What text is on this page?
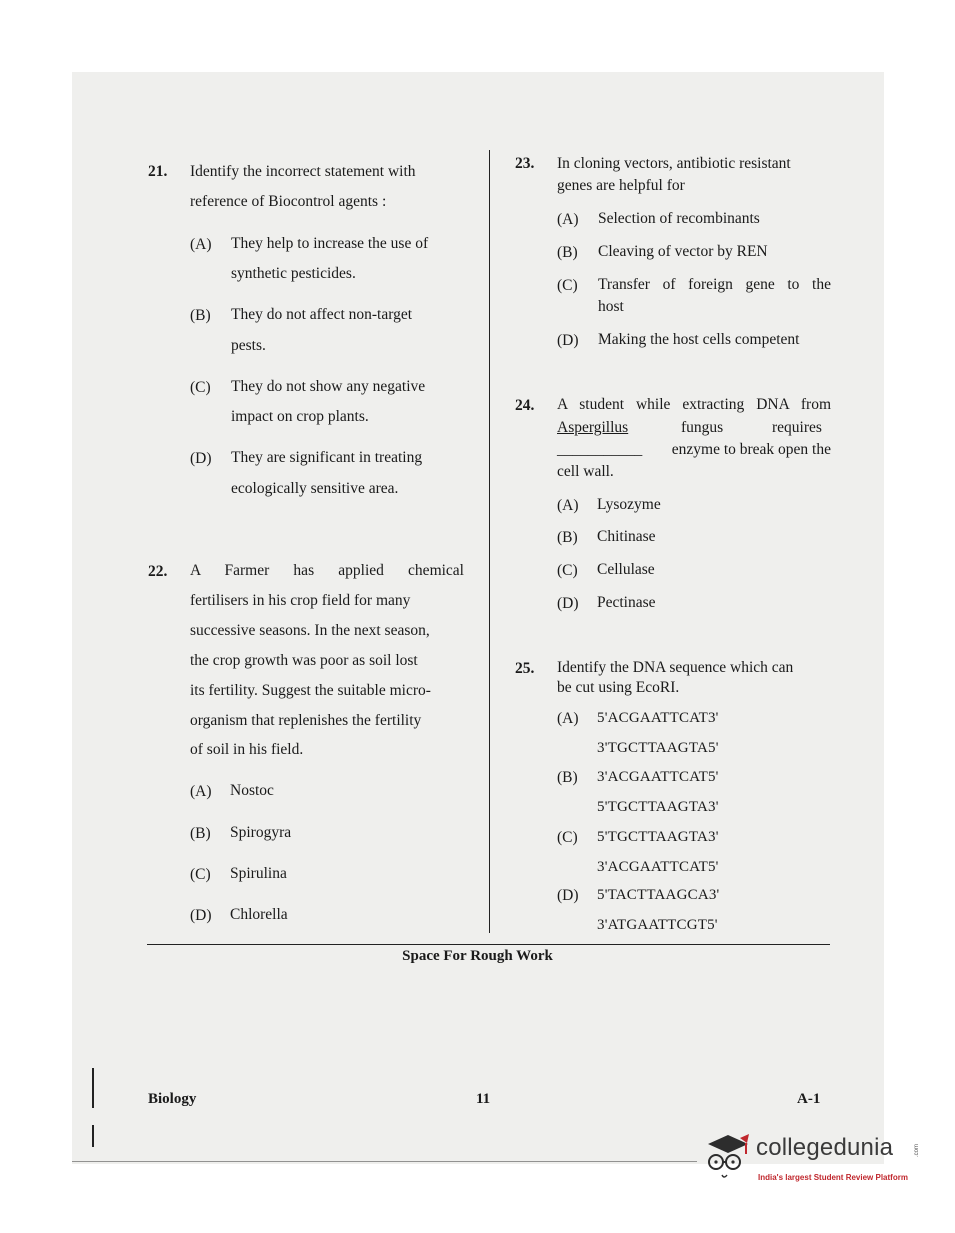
21. Identify the incorrect statement with
reference of Biocontrol agents :
(A) They help to increase the use of
synthetic pesticides.
(B) They do not affect non-target
pests.
(C) They do not show any negative
impact on crop plants.
(D) They are significant in treating
ecologically sensitive area.
22. A Farmer has applied chemical
fertilisers in his crop field for many
successive seasons. In the next season,
the crop growth was poor as soil lost
its fertility. Suggest the suitable micro-
organism that replenishes the fertility
of soil in his field.
(A) Nostoc
(B) Spirogyra
(C) Spirulina
(D) Chlorella
23. In cloning vectors, antibiotic resistant
genes are helpful for
(A) Selection of recombinants
(B) Cleaving of vector by REN
(C) Transfer of foreign gene to the
host
(D) Making the host cells competent
24. A student while extracting DNA from
Aspergillus	fungus	requires
___________	enzyme to break open the
cell wall.
(A) Lysozyme
(B) Chitinase
(C) Cellulase
(D) Pectinase
25. Identify the DNA sequence which can
be cut using EcoRI.
(A) 5'ACGAATTCAT3'
3'TGCTTAAGTA5'
(B) 3'ACGAATTCAT5'
5'TGCTTAAGTA3'
(C) 5'TGCTTAAGTA3'
3'ACGAATTCAT5'
(D) 5'TACTTAAGCA3'
3'ATGAATTCGT5'
Space For Rough Work
Biology	11	A-1
collegedunia	.com
India's largest Student Review Platform
